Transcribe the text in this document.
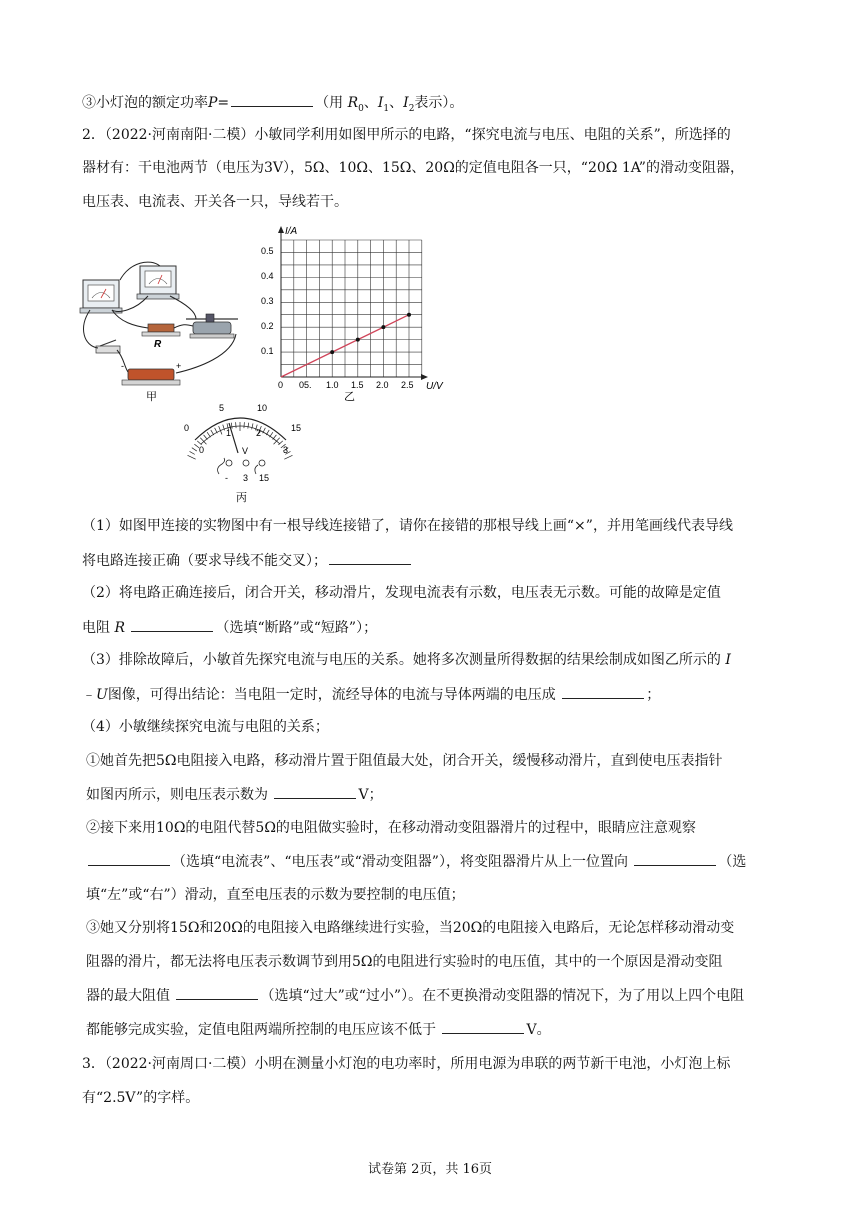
③小灯泡的额定功率P=	（用 $R_0$、$I_1$、$I_2$表示）。
2．（2022·河南南阳·二模）小敏同学利用如图甲所示的电路，“探究电流与电压、电阻的关系”，所选择的
器材有：干电池两节（电压为3V），5Ω、10Ω、15Ω、20Ω的定值电阻各一只，“20Ω 1A”的滑动变阻器，
电压表、电流表、开关各一只，导线若干。
R
-	+
甲
I/A
U/V
0
0.1
0.2
0.3
0.4
0.5
05. 1.0 1.5 2.0 2.5
乙
0
5	10
15
0
1	2
3
V
- 3 15
丙
（1）如图甲连接的实物图中有一根导线连接错了，请你在接错的那根导线上画“×”，并用笔画线代表导线
将电路连接正确（要求导线不能交叉）；
（2）将电路正确连接后，闭合开关，移动滑片，发现电流表有示数，电压表无示数。可能的故障是定值
电阻 R	（选填“断路”或“短路”）；
（3）排除故障后，小敏首先探究电流与电压的关系。她将多次测量所得数据的结果绘制成如图乙所示的 I
﹣U图像，可得出结论：当电阻一定时，流经导体的电流与导体两端的电压成	；
（4）小敏继续探究电流与电阻的关系；
①她首先把5Ω电阻接入电路，移动滑片置于阻值最大处，闭合开关，缓慢移动滑片，直到使电压表指针
如图丙所示，则电压表示数为	V；
②接下来用10Ω的电阻代替5Ω的电阻做实验时，在移动滑动变阻器滑片的过程中，眼睛应注意观察
（选填“电流表”、“电压表”或“滑动变阻器”），将变阻器滑片从上一位置向	（选
填“左”或“右”）滑动，直至电压表的示数为要控制的电压值；
③她又分别将15Ω和20Ω的电阻接入电路继续进行实验，当20Ω的电阻接入电路后，无论怎样移动滑动变
阻器的滑片，都无法将电压表示数调节到用5Ω的电阻进行实验时的电压值，其中的一个原因是滑动变阻
器的最大阻值	（选填“过大”或“过小”）。在不更换滑动变阻器的情况下，为了用以上四个电阻
都能够完成实验，定值电阻两端所控制的电压应该不低于	V。
3．（2022·河南周口·二模）小明在测量小灯泡的电功率时，所用电源为串联的两节新干电池，小灯泡上标
有“2.5V”的字样。
试卷第 2页，共 16页
